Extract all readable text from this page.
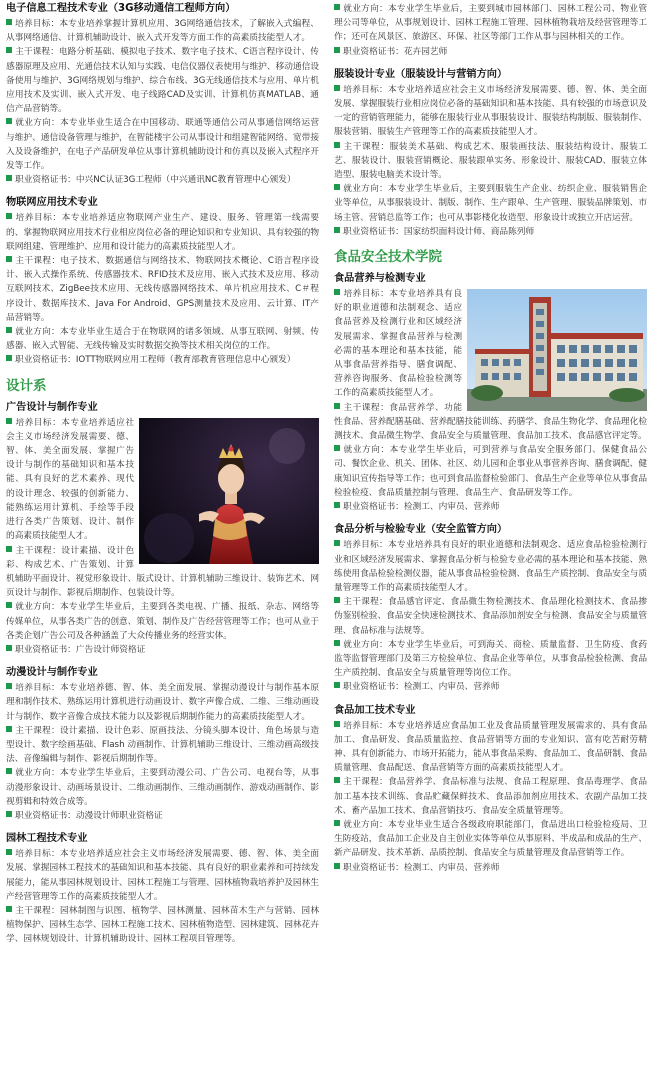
电子信息工程技术专业（3G移动通信工程师方向）

培养目标：本专业培养掌握计算机应用、3G网络通信技术，了解嵌入式编程、从事网络通信、计算机辅助设计、嵌入式开发等方面工作的高素质技能型人才。

主干课程：电路分析基础、模拟电子技术、数字电子技术、C语言程序设计、传感器原理及应用、光通信技术认知与实践、电信仪器仪表使用与维护、移动通信设备使用与维护、3G网络规划与维护、综合布线、3G无线通信技术与应用、单片机应用技术及实训、嵌入式开发、电子线路CAD及实训、计算机仿真MATLAB、通信产品营销等。

就业方向：本专业毕业生适合在中国移动、联通等通信公司从事通信网络运营与维护、通信设备管理与维护，在智能楼宇公司从事设计和组建智能网络、宽带接入及设备维护，在电子产品研发单位从事计算机辅助设计和仿真以及嵌入式程序开发等工作。

职业资格证书：中兴NC认证3G工程师（中兴通讯NC教育管理中心颁发）

物联网应用技术专业

培养目标：本专业培养适应物联网产业生产、建设、服务、管理第一线需要的、掌握物联网应用技术行业相应岗位必备的理论知识和专业知识、具有较强的物联网组建、管理维护、应用和设计能力的高素质技能型人才。

主干课程：电子技术、数据通信与网络技术、物联网技术概论、C语言程序设计、嵌入式操作系统、传感器技术、RFID技术及应用、嵌入式技术及应用、移动互联网技术、ZigBee技术应用、无线传感器网络技术、单片机应用技术、C＃程序设计、数据库技术、Java For Android、GPS测量技术及应用、云计算、IT产品营销等。

就业方向：本专业毕业生适合于在物联网的诸多领域、从事互联网、射频、传感器、嵌入式智能、无线传输及实时数据交换等技术相关岗位的工作。

职业资格证书：IOTT物联网应用工程师（教育部教育管理信息中心颁发）

设计系
广告设计与制作专业

培养目标：本专业培养适应社会主义市场经济发展需要、德、智、体、美全面发展、掌握广告设计与制作的基础知识和基本技能、具有良好的艺术素养、现代的设计理念、较强的创新能力、能熟练运用计算机、手绘等手段进行各类广告策划、设计、制作的高素质技能型人才。

主干课程：设计素描、设计色彩、构成艺术、广告策划、计算机辅助平面设计、视觉形象设计、版式设计、计算机辅助三维设计、装饰艺术、网页设计与制作、影视后期制作、包装设计等。

就业方向：本专业学生毕业后，主要到各类电视、广播、报纸、杂志、网络等传媒单位，从事各类广告的创意、策划、制作及广告经营管理等工作；也可从业于各类企划广告公司及各种涵盖了大众传播业务的经营实体。

职业资格证书：广告设计师资格证

动漫设计与制作专业

培养目标：本专业培养德、智、体、美全面发展、掌握动漫设计与制作基本原理和制作技术、熟练运用计算机进行动画设计、数字声像合成、二维、三维动画设计与制作、数字音像合成技术能力以及影视后期制作能力的高素质技能型人才。

主干课程：设计素描、设计色彩、原画技法、分镜头脚本设计、角色场景与造型设计、数字绘画基础、Flash 动画制作、计算机辅助三维设计、三维动画高级技法、音像编辑与制作、影视后期制作等。

就业方向：本专业学生毕业后，主要到动漫公司、广告公司、电视台等，从事动漫形象设计、动画场景设计、二维动画制作、三维动画制作、游戏动画制作、影视剪辑和特效合成等。

职业资格证书：动漫设计师职业资格证

园林工程技术专业

培养目标：本专业培养适应社会主义市场经济发展需要、德、智、体、美全面发展、掌握园林工程技术的基础知识和基本技能、具有良好的职业素养和可持续发展能力，能从事园林规划设计、园林工程施工与管理、园林植物栽培养护及园林生产经营管理等工作的高素质技能型人才。

主干课程：园林制图与识图、植物学、园林测量、园林苗木生产与营销、园林植物保护、园林生态学、园林工程施工技术、园林植物造型、园林建筑、园林花卉学、园林规划设计、计算机辅助设计、园林工程项目管理等。

就业方向：本专业学生毕业后，主要到城市园林部门、园林工程公司、物业管理公司等单位，从事规划设计、园林工程施工管理、园林植物栽培及经营管理等工作；还可在风景区、旅游区、环保、社区等部门工作从事与园林相关的工作。

职业资格证书：花卉园艺师

服装设计专业（服装设计与营销方向）

培养目标：本专业培养适应社会主义市场经济发展需要、德、智、体、美全面发展、掌握服装行业相应岗位必备的基础知识和基本技能、具有较强的市场意识及一定的营销管理能力，能够在服装行业从事服装设计、服装结构制版、服装制作、服装营销、服装生产管理等工作的高素质技能型人才。

主干课程：服装美术基础、构成艺术、服装画技法、服装结构设计、服装工艺、服装设计、服装营销概论、服装跟单实务、形象设计、服装CAD、服装立体造型、服装电脑美术设计等。

就业方向：本专业学生毕业后，主要到服装生产企业、纺织企业、服装销售企业等单位，从事服装设计、制版、制作、生产跟单、生产管理、服装品牌策划、市场主管、营销总监等工作；也可从事影楼化妆造型、形象设计或独立开店运营。

职业资格证书：国家纺织面料设计师、商品陈列师

食品安全技术学院
食品营养与检测专业

培养目标：本专业培养具有良好的职业道德和法制观念、适应食品营养及检测行业和区域经济发展需求、掌握食品营养与检测必需的基本理论和基本技能，能从事食品营养指导、膳食调配、营养咨询服务、食品检验检测等工作的高素质技能型人才。

主干课程：食品营养学、功能性食品、营养配膳基础、营养配膳技能训练、药膳学、食品生物化学、食品理化检测技术、食品微生物学、食品安全与质量管理、食品加工技术、食品感官评定等。

就业方向：本专业学生毕业后，可到营养与食品安全服务部门、保健食品公司、餐饮企业、机关、团体、社区、幼儿园和企事业从事营养咨询、膳食调配、健康知识宣传指导等工作；也可到食品监督检验部门、食品生产企业等单位从事食品检验检疫、食品质量控制与管理、食品生产、食品研发等工作。

职业资格证书：检测工、内审员、营养师

食品分析与检验专业（安全监管方向）

培养目标：本专业培养具有良好的职业道德和法制观念、适应食品检验检测行业和区域经济发展需求、掌握食品分析与检验专业必需的基本理论和基本技能、熟练使用食品检验检测仪器，能从事食品检验检测、食品生产质控制、食品安全与质量管理等工作的高素质技能型人才。

主干课程：食品感官评定、食品微生物检测技术、食品理化检测技术、食品掺伪鉴别检验、食品安全快速检测技术、食品添加剂安全与检测、食品安全与质量管理、食品标准与法规等。

就业方向：本专业学生毕业后，可到海关、商检、质量监督、卫生防疫、食药监等监督管理部门及第三方检验单位、食品企业等单位，从事食品检验检测、食品生产质控制、食品安全与质量管理等岗位工作。

职业资格证书：检测工、内审员、营养师

食品加工技术专业

培养目标：本专业培养适应食品加工业及食品质量管理发展需求的、具有食品加工、食品研发、食品质量监控、食品营销等方面的专业知识、富有吃苦耐劳精神、具有创新能力、市场开拓能力，能从事食品采购、食品加工、食品研制、食品质量管理、食品配送、食品营销等方面的高素质技能型人才。

主干课程：食品营养学、食品标准与法规、食品工程原理、食品毒理学、食品加工基本技术训练、食品贮藏保鲜技术、食品添加剂应用技术、农副产品加工技术、畜产品加工技术、食品营销技巧、食品安全质量管理等。

就业方向：本专业毕业生适合各级政府职能部门，食品进出口检验检疫局、卫生防疫站，食品加工企业及自主创业实体等单位从事原料、半成品和成品的生产、新产品研发、技术革新、品质控制、食品安全与质量管理及食品营销等工作。

职业资格证书：检测工、内审员、营养师
